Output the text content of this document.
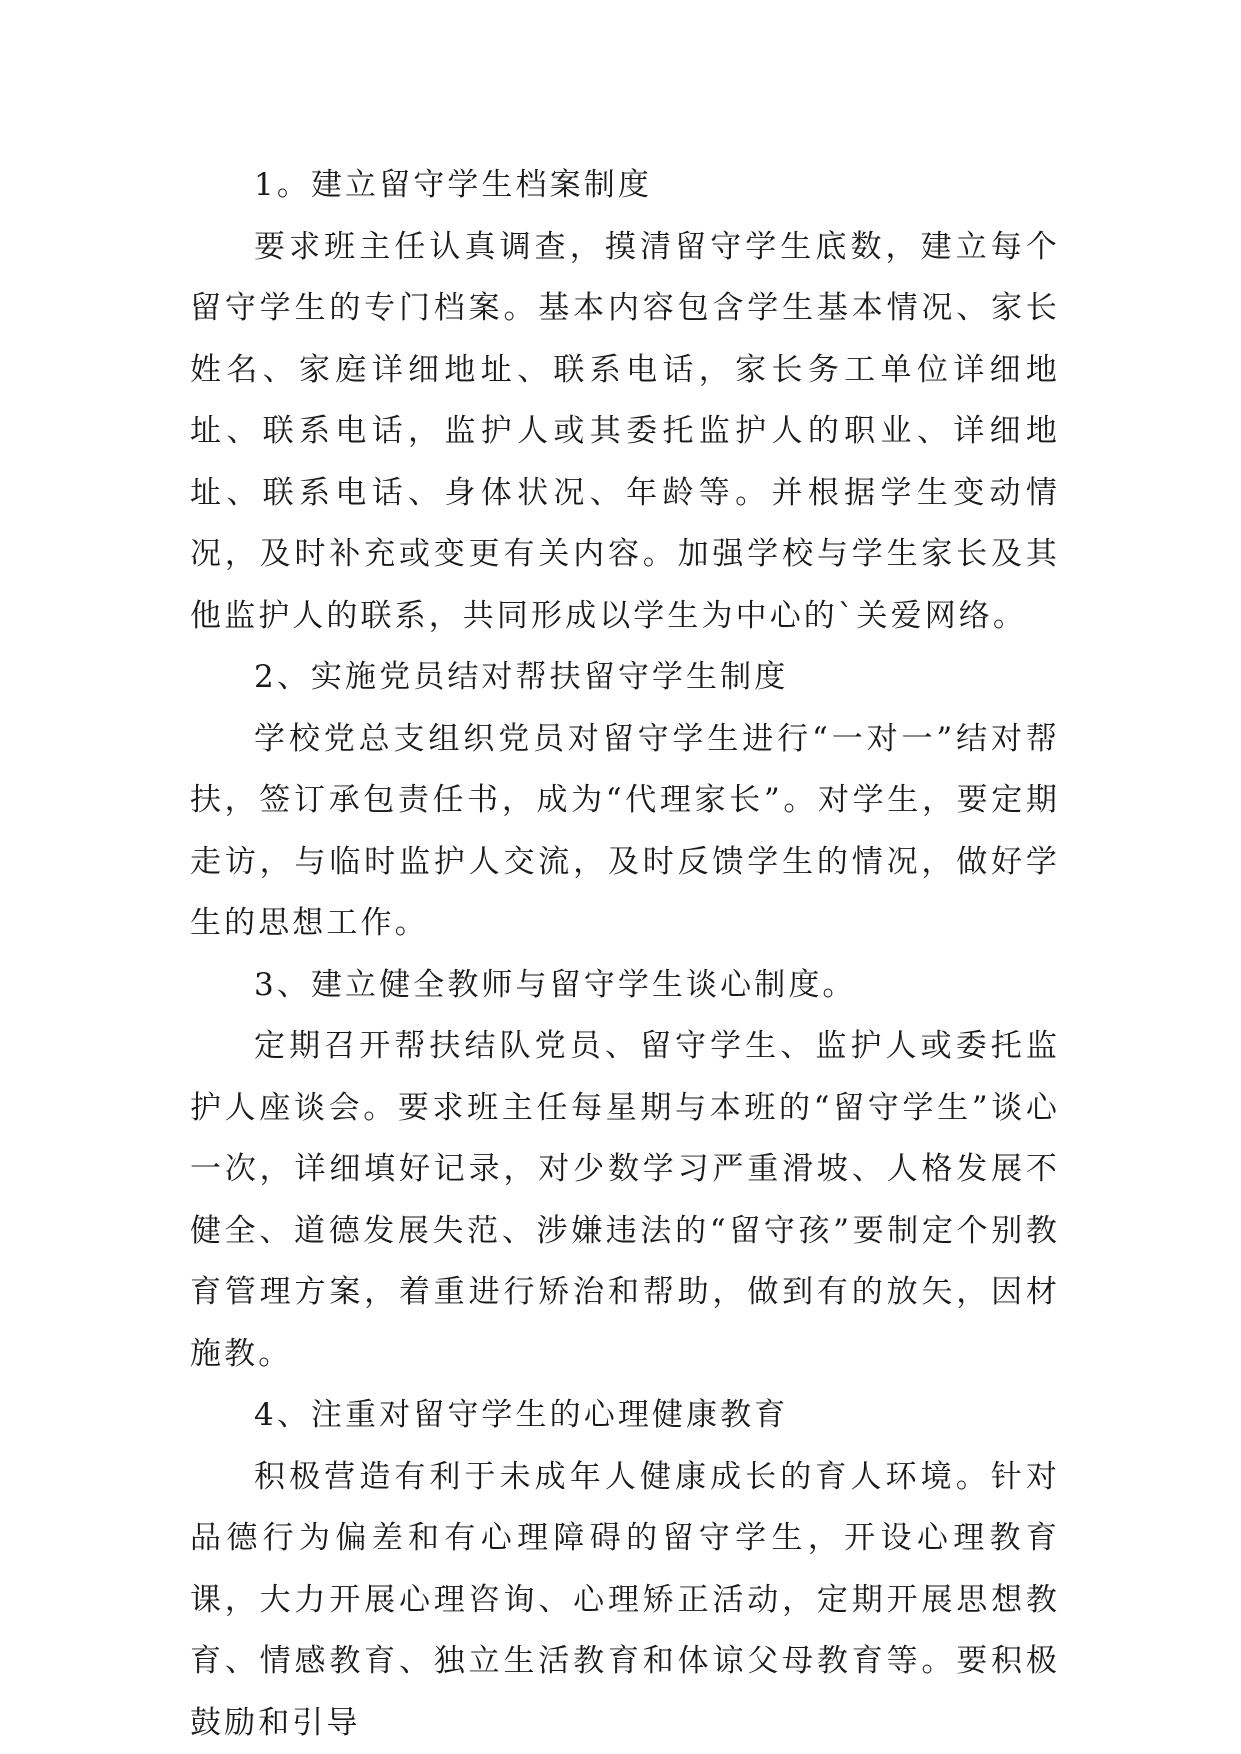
1。建立留守学生档案制度

要求班主任认真调查，摸清留守学生底数，建立每个留守学生的专门档案。基本内容包含学生基本情况、家长姓名、家庭详细地址、联系电话，家长务工单位详细地址、联系电话，监护人或其委托监护人的职业、详细地址、联系电话、身体状况、年龄等。并根据学生变动情况，及时补充或变更有关内容。加强学校与学生家长及其他监护人的联系，共同形成以学生为中心的`关爱网络。

2、实施党员结对帮扶留守学生制度

学校党总支组织党员对留守学生进行“一对一”结对帮扶，签订承包责任书，成为“代理家长”。对学生，要定期走访，与临时监护人交流，及时反馈学生的情况，做好学生的思想工作。

3、建立健全教师与留守学生谈心制度。

定期召开帮扶结队党员、留守学生、监护人或委托监护人座谈会。要求班主任每星期与本班的“留守学生”谈心一次，详细填好记录，对少数学习严重滑坡、人格发展不健全、道德发展失范、涉嫌违法的“留守孩”要制定个别教育管理方案，着重进行矫治和帮助，做到有的放矢，因材施教。

4、注重对留守学生的心理健康教育

积极营造有利于未成年人健康成长的育人环境。针对品德行为偏差和有心理障碍的留守学生，开设心理教育课，大力开展心理咨询、心理矫正活动，定期开展思想教育、情感教育、独立生活教育和体谅父母教育等。要积极鼓励和引导
